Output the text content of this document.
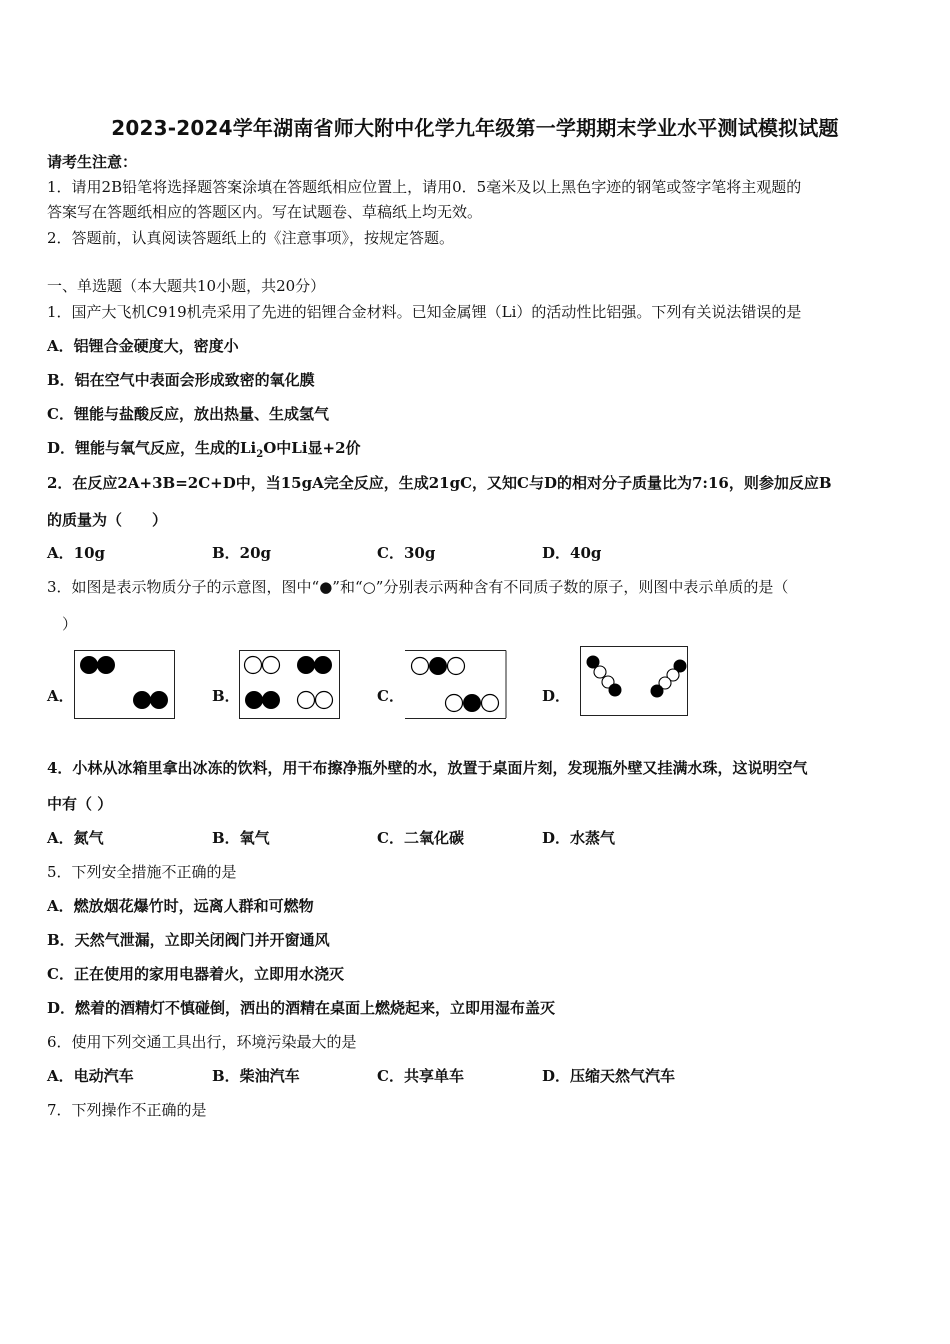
2023-2024学年湖南省师大附中化学九年级第一学期期末学业水平测试模拟试题
请考生注意：
1．请用2B铅笔将选择题答案涂填在答题纸相应位置上，请用0．5毫米及以上黑色字迹的钢笔或签字笔将主观题的
答案写在答题纸相应的答题区内。写在试题卷、草稿纸上均无效。
2．答题前，认真阅读答题纸上的《注意事项》，按规定答题。
一、单选题（本大题共10小题，共20分）
1．国产大飞机C919机壳采用了先进的铝锂合金材料。已知金属锂（Li）的活动性比铝强。下列有关说法错误的是
A．铝锂合金硬度大，密度小
B．铝在空气中表面会形成致密的氧化膜
C．锂能与盐酸反应，放出热量、生成氢气
D．锂能与氧气反应，生成的$Li_2O$中Li显+2价
2．在反应2A+3B=2C+D中，当15gA完全反应，生成21gC，又知C与D的相对分子质量比为7:16，则参加反应B
的质量为（　　）
A．10g	B．20g	C．30g	D．40g
3．如图是表示物质分子的示意图，图中“●”和“○”分别表示两种含有不同质子数的原子，则图中表示单质的是（
）
A．	B．	C．	D．
4．小林从冰箱里拿出冰冻的饮料，用干布擦净瓶外壁的水，放置于桌面片刻，发现瓶外壁又挂满水珠，这说明空气
中有（ ）
A．氮气	B．氧气	C．二氧化碳	D．水蒸气
5．下列安全措施不正确的是
A．燃放烟花爆竹时，远离人群和可燃物
B．天然气泄漏，立即关闭阀门并开窗通风
C．正在使用的家用电器着火，立即用水浇灭
D．燃着的酒精灯不慎碰倒，洒出的酒精在桌面上燃烧起来，立即用湿布盖灭
6．使用下列交通工具出行，环境污染最大的是
A．电动汽车	B．柴油汽车	C．共享单车	D．压缩天然气汽车
7．下列操作不正确的是
